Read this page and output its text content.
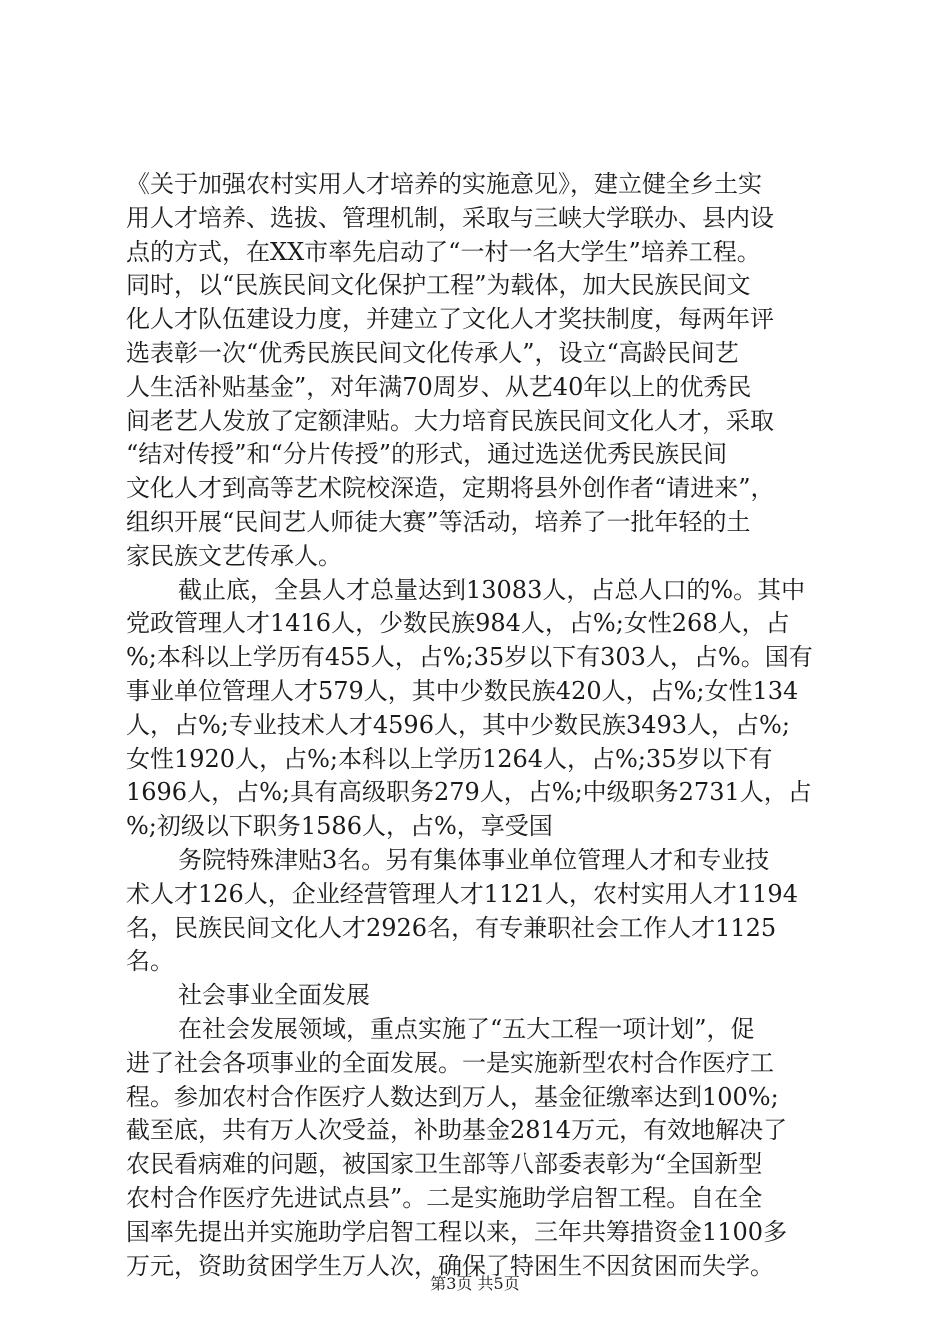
《关于加强农村实用人才培养的实施意见》，建立健全乡土实
用人才培养、选拔、管理机制，采取与三峡大学联办、县内设
点的方式，在XX市率先启动了“一村一名大学生”培养工程。
同时，以“民族民间文化保护工程”为载体，加大民族民间文
化人才队伍建设力度，并建立了文化人才奖扶制度，每两年评
选表彰一次“优秀民族民间文化传承人”，设立“高龄民间艺
人生活补贴基金”，对年满70周岁、从艺40年以上的优秀民
间老艺人发放了定额津贴。大力培育民族民间文化人才，采取
“结对传授”和“分片传授”的形式，通过选送优秀民族民间
文化人才到高等艺术院校深造，定期将县外创作者“请进来”，
组织开展“民间艺人师徒大赛”等活动，培养了一批年轻的土
家民族文艺传承人。
截止底，全县人才总量达到13083人，占总人口的%。其中
党政管理人才1416人，少数民族984人，占%;女性268人，占
%;本科以上学历有455人，占%;35岁以下有303人，占%。国有
事业单位管理人才579人，其中少数民族420人，占%;女性134
人，占%;专业技术人才4596人，其中少数民族3493人，占%;
女性1920人，占%;本科以上学历1264人，占%;35岁以下有
1696人，占%;具有高级职务279人，占%;中级职务2731人，占
%;初级以下职务1586人，占%，享受国
务院特殊津贴3名。另有集体事业单位管理人才和专业技
术人才126人，企业经营管理人才1121人，农村实用人才1194
名，民族民间文化人才2926名，有专兼职社会工作人才1125
名。
社会事业全面发展
在社会发展领域，重点实施了“五大工程一项计划”，促
进了社会各项事业的全面发展。一是实施新型农村合作医疗工
程。参加农村合作医疗人数达到万人，基金征缴率达到100%;
截至底，共有万人次受益，补助基金2814万元，有效地解决了
农民看病难的问题，被国家卫生部等八部委表彰为“全国新型
农村合作医疗先进试点县”。二是实施助学启智工程。自在全
国率先提出并实施助学启智工程以来，三年共筹措资金1100多
万元，资助贫困学生万人次，确保了特困生不因贫困而失学。
第3页 共5页
